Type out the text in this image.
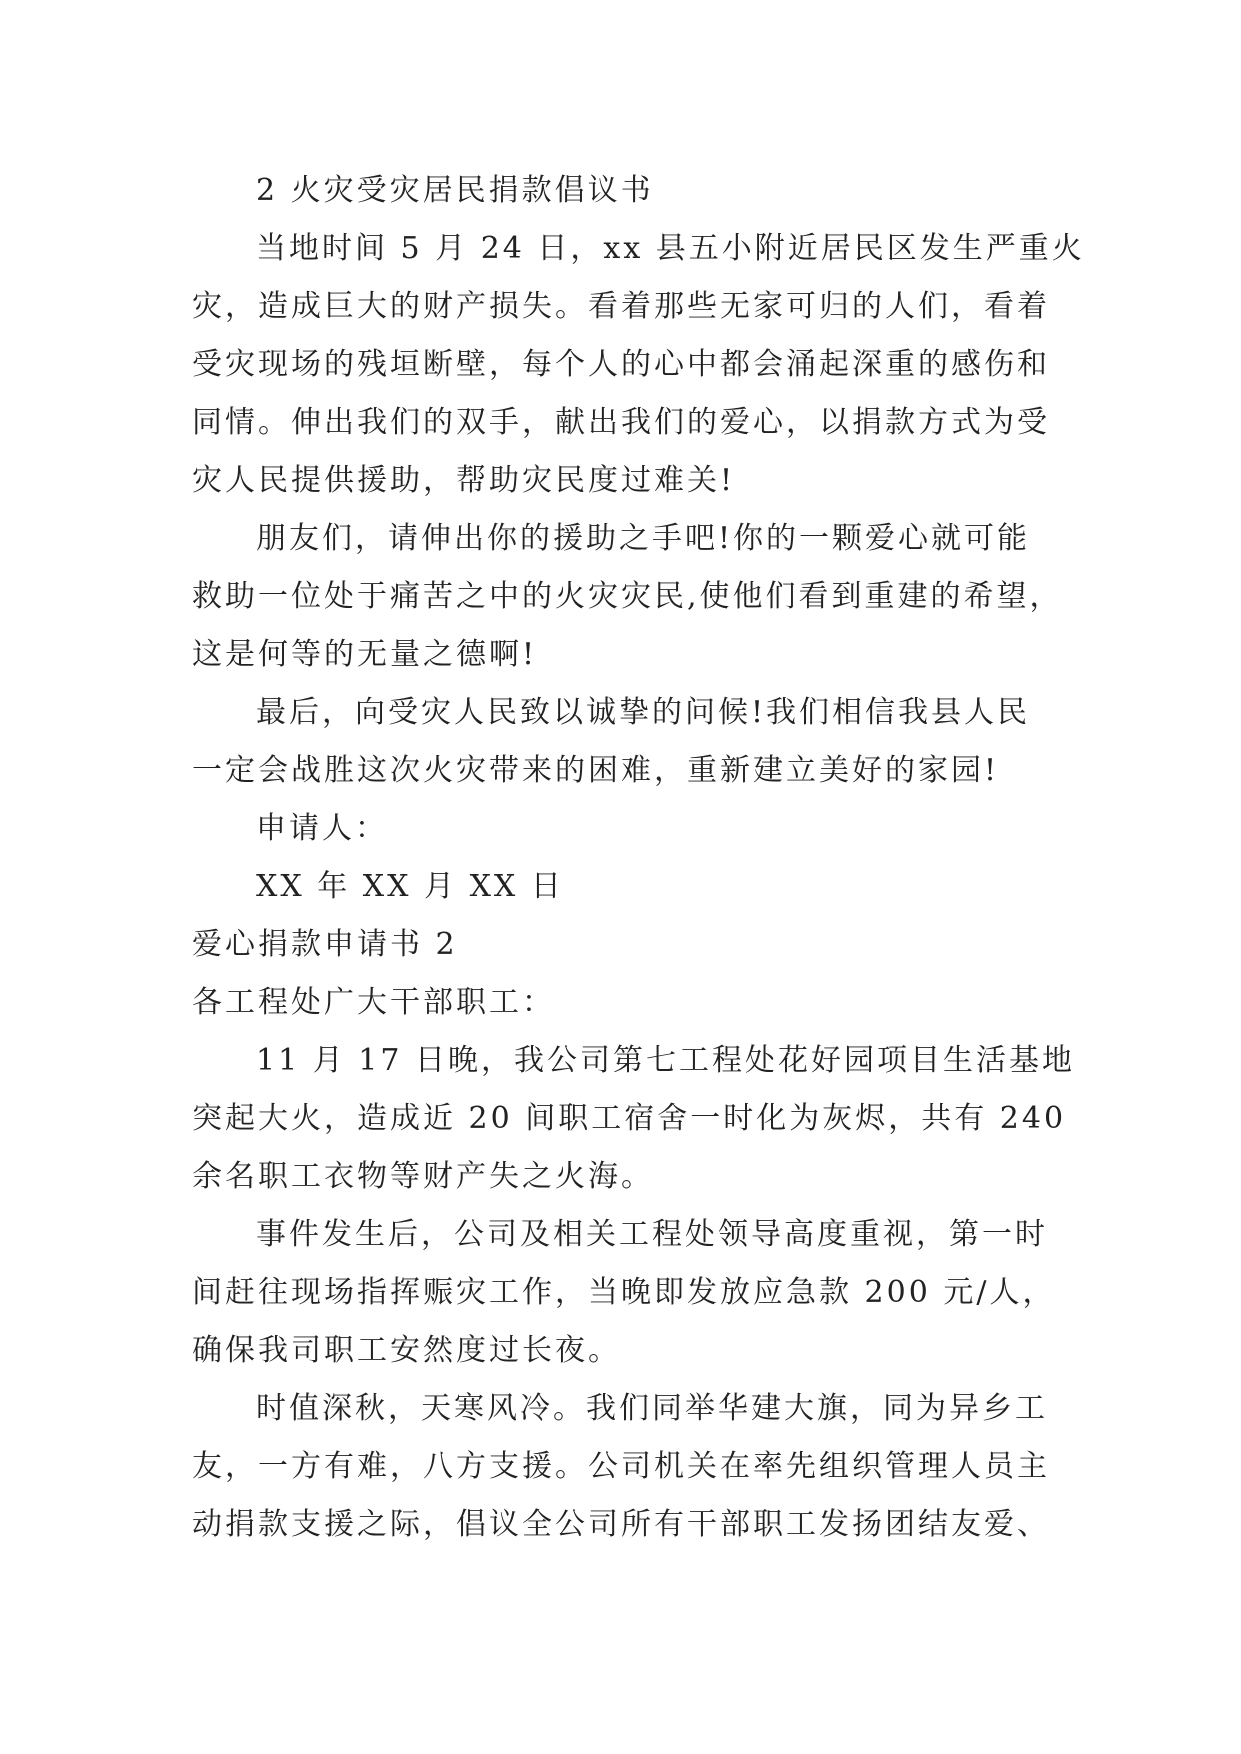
2 火灾受灾居民捐款倡议书
当地时间 5 月 24 日，xx 县五小附近居民区发生严重火
灾，造成巨大的财产损失。看着那些无家可归的人们，看着
受灾现场的残垣断壁，每个人的心中都会涌起深重的感伤和
同情。伸出我们的双手，献出我们的爱心，以捐款方式为受
灾人民提供援助，帮助灾民度过难关!
朋友们，请伸出你的援助之手吧!你的一颗爱心就可能
救助一位处于痛苦之中的火灾灾民,使他们看到重建的希望，
这是何等的无量之德啊!
最后，向受灾人民致以诚挚的问候!我们相信我县人民
一定会战胜这次火灾带来的困难，重新建立美好的家园!
申请人：
XX 年 XX 月 XX 日
爱心捐款申请书 2
各工程处广大干部职工：
11 月 17 日晚，我公司第七工程处花好园项目生活基地
突起大火，造成近 20 间职工宿舍一时化为灰烬，共有 240
余名职工衣物等财产失之火海。
事件发生后，公司及相关工程处领导高度重视，第一时
间赶往现场指挥赈灾工作，当晚即发放应急款 200 元/人，
确保我司职工安然度过长夜。
时值深秋，天寒风冷。我们同举华建大旗，同为异乡工
友，一方有难，八方支援。公司机关在率先组织管理人员主
动捐款支援之际，倡议全公司所有干部职工发扬团结友爱、
